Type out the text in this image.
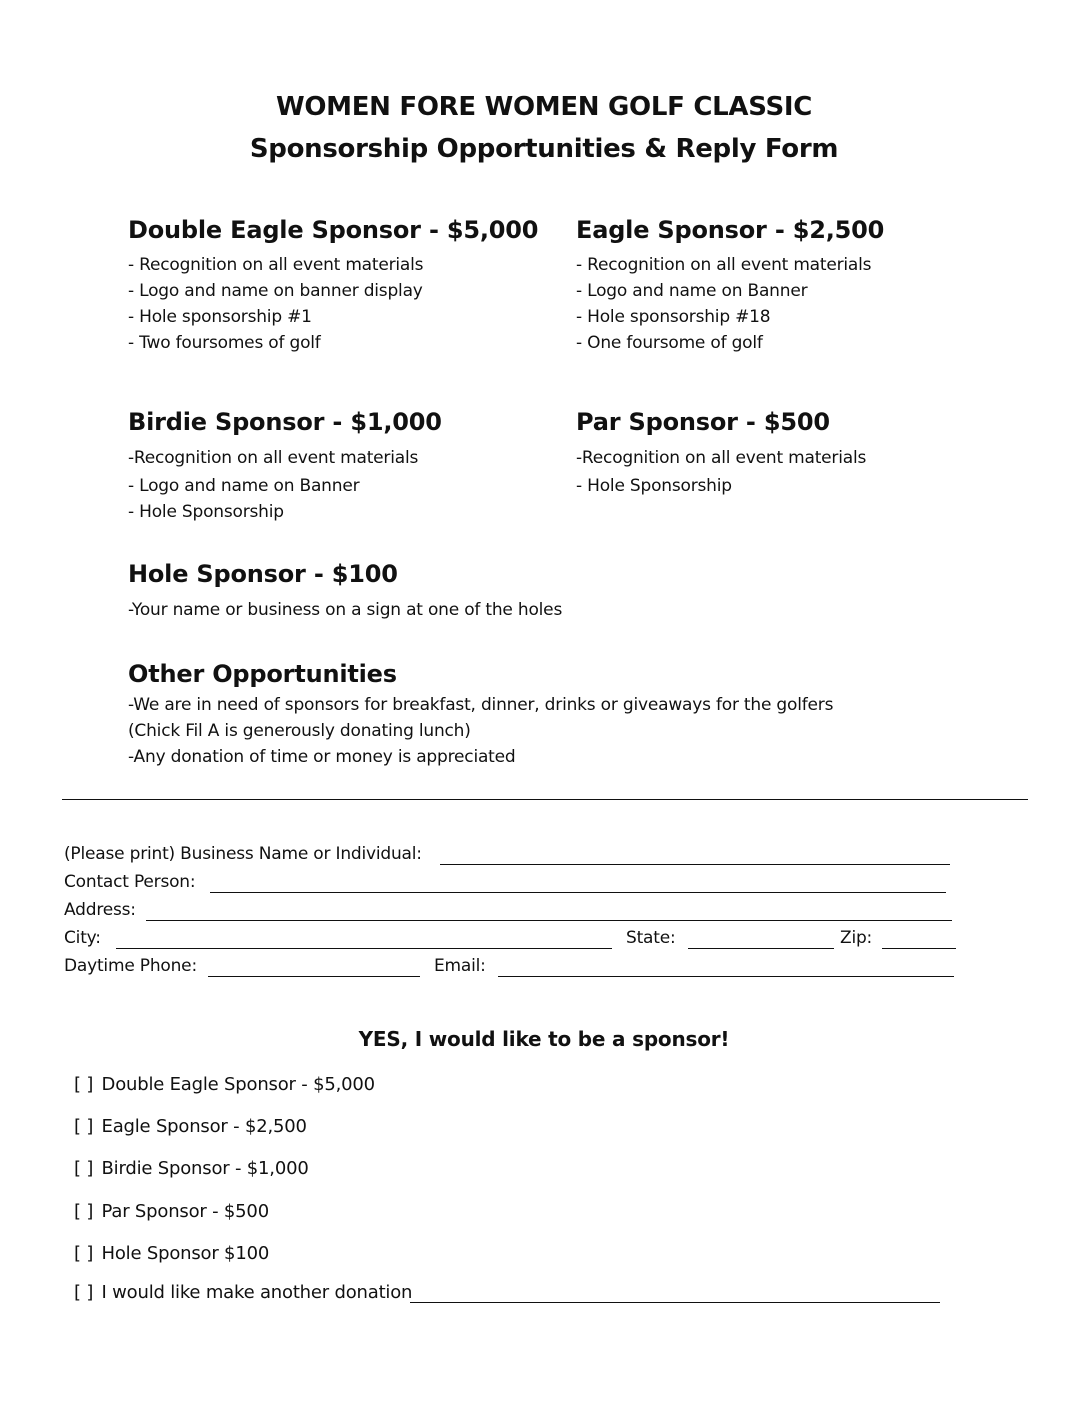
WOMEN FORE WOMEN GOLF CLASSIC
Sponsorship Opportunities & Reply Form
Double Eagle Sponsor - $5,000
- Recognition on all event materials
- Logo and name on banner display
- Hole sponsorship #1
- Two foursomes of golf
Eagle Sponsor - $2,500
- Recognition on all event materials
- Logo and name on Banner
- Hole sponsorship #18
- One foursome of golf
Birdie Sponsor - $1,000
-Recognition on all event materials
- Logo and name on Banner
- Hole Sponsorship
Par Sponsor - $500
-Recognition on all event materials
- Hole Sponsorship
Hole Sponsor - $100
-Your name or business on a sign at one of the holes
Other Opportunities
-We are in need of sponsors for breakfast, dinner, drinks or giveaways for the golfers
(Chick Fil A is generously donating lunch)
-Any donation of time or money is appreciated
(Please print) Business Name or Individual:
Contact Person:
Address:
City:	State:	Zip:
Daytime Phone:	Email:
YES, I would like to be a sponsor!
[ ] Double Eagle Sponsor - $5,000
[ ] Eagle Sponsor - $2,500
[ ] Birdie Sponsor - $1,000
[ ] Par Sponsor - $500
[ ] Hole Sponsor $100
[ ] I would like make another donation
